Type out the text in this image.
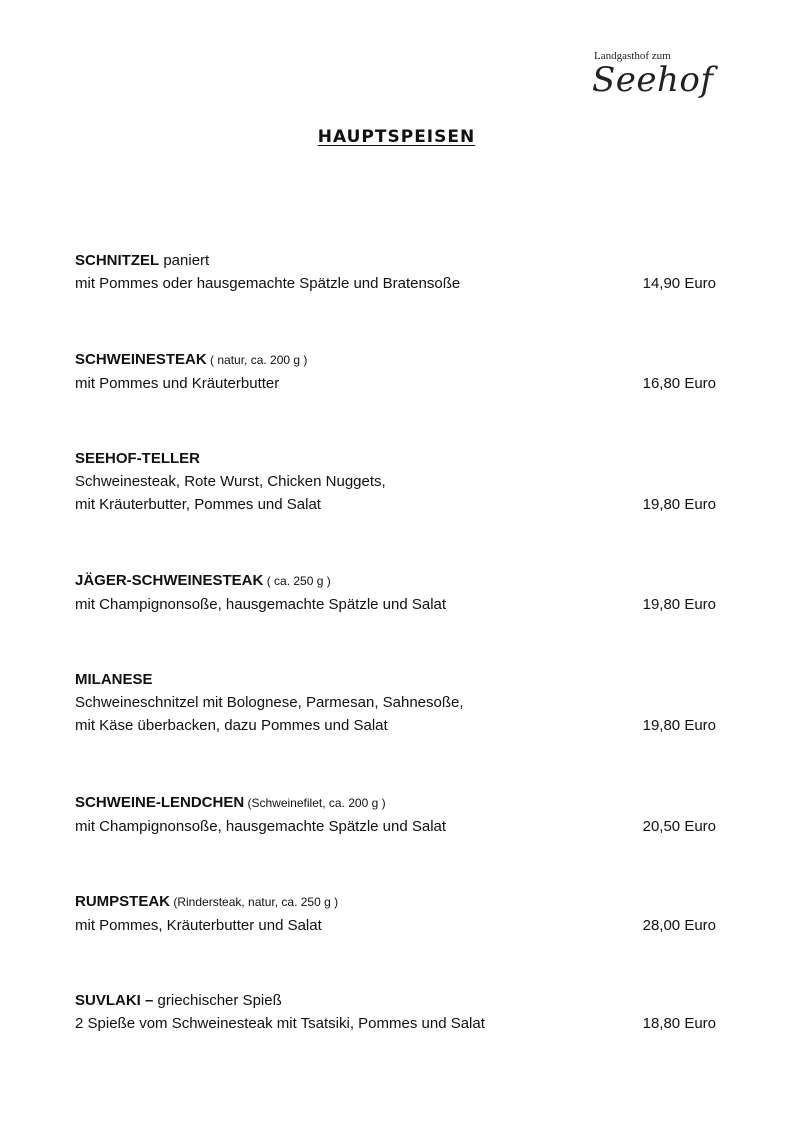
Landgasthof zum
Seehof
HAUPTSPEISEN
SCHNITZEL paniert
mit Pommes oder hausgemachte Spätzle und Bratensoße	14,90 Euro
SCHWEINESTEAK ( natur, ca. 200 g )
mit Pommes und Kräuterbutter	16,80 Euro
SEEHOF-TELLER
Schweinesteak, Rote Wurst, Chicken Nuggets,
mit Kräuterbutter, Pommes und Salat	19,80 Euro
JÄGER-SCHWEINESTEAK ( ca. 250 g )
mit Champignonsoße, hausgemachte Spätzle und Salat	19,80 Euro
MILANESE
Schweineschnitzel mit Bolognese, Parmesan, Sahnesoße,
mit Käse überbacken, dazu Pommes und Salat	19,80 Euro
SCHWEINE-LENDCHEN (Schweinefilet, ca. 200 g )
mit Champignonsoße, hausgemachte Spätzle und Salat	20,50 Euro
RUMPSTEAK (Rindersteak, natur, ca. 250 g )
mit Pommes, Kräuterbutter und Salat	28,00 Euro
SUVLAKI – griechischer Spieß
2 Spieße vom Schweinesteak mit Tsatsiki, Pommes und Salat	18,80 Euro
